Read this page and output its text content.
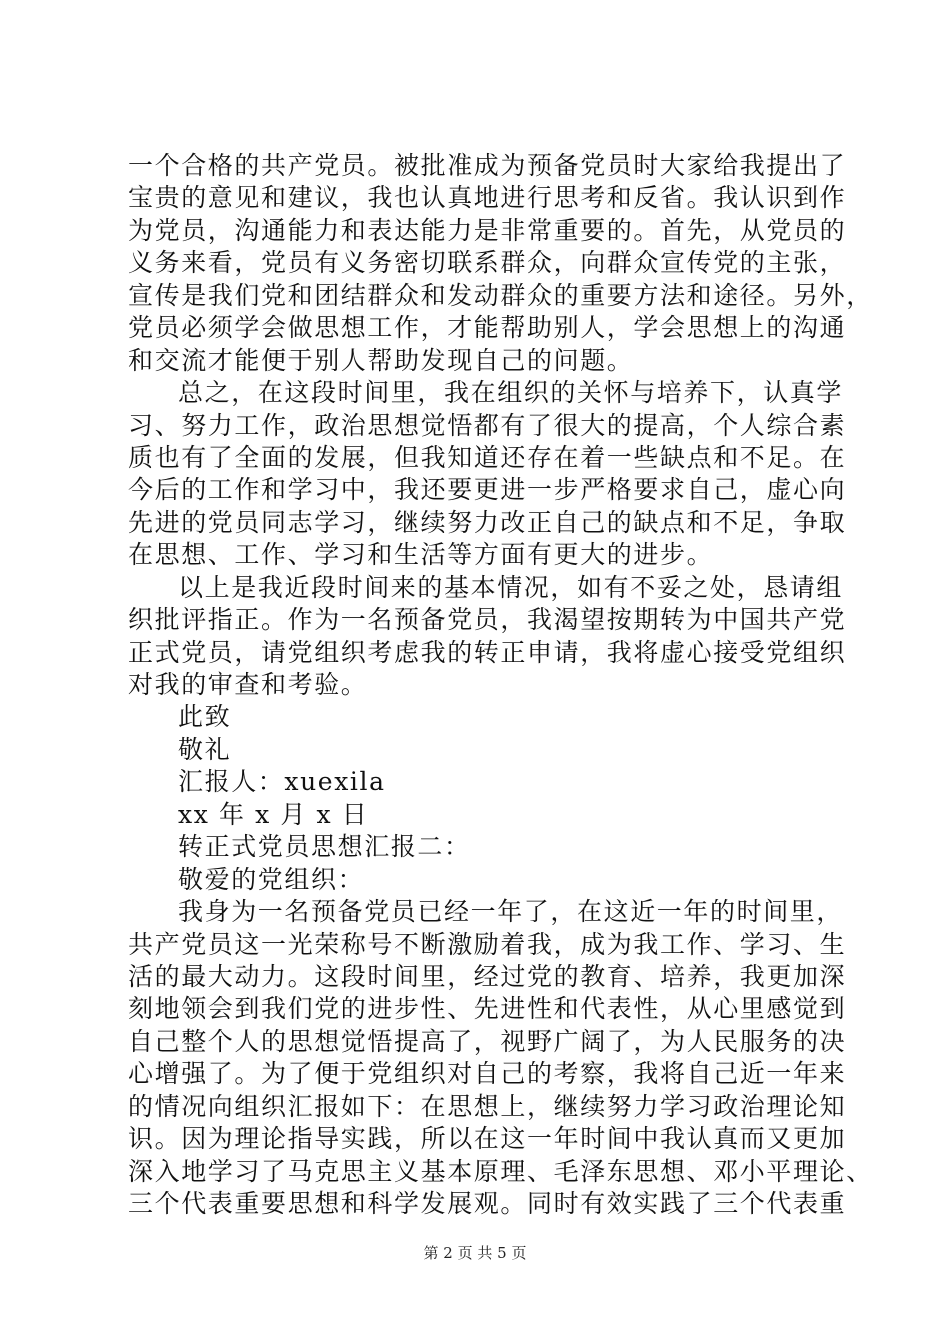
一个合格的共产党员。被批准成为预备党员时大家给我提出了
宝贵的意见和建议，我也认真地进行思考和反省。我认识到作
为党员，沟通能力和表达能力是非常重要的。首先，从党员的
义务来看，党员有义务密切联系群众，向群众宣传党的主张，
宣传是我们党和团结群众和发动群众的重要方法和途径。另外，
党员必须学会做思想工作，才能帮助别人，学会思想上的沟通
和交流才能便于别人帮助发现自己的问题。
总之，在这段时间里，我在组织的关怀与培养下，认真学
习、努力工作，政治思想觉悟都有了很大的提高，个人综合素
质也有了全面的发展，但我知道还存在着一些缺点和不足。在
今后的工作和学习中，我还要更进一步严格要求自己，虚心向
先进的党员同志学习，继续努力改正自己的缺点和不足，争取
在思想、工作、学习和生活等方面有更大的进步。
以上是我近段时间来的基本情况，如有不妥之处，恳请组
织批评指正。作为一名预备党员，我渴望按期转为中国共产党
正式党员，请党组织考虑我的转正申请，我将虚心接受党组织
对我的审查和考验。
此致
敬礼
汇报人：xuexila
xx 年 x 月 x 日
转正式党员思想汇报二：
敬爱的党组织：
我身为一名预备党员已经一年了，在这近一年的时间里，
共产党员这一光荣称号不断激励着我，成为我工作、学习、生
活的最大动力。这段时间里，经过党的教育、培养，我更加深
刻地领会到我们党的进步性、先进性和代表性，从心里感觉到
自己整个人的思想觉悟提高了，视野广阔了，为人民服务的决
心增强了。为了便于党组织对自己的考察，我将自己近一年来
的情况向组织汇报如下：在思想上，继续努力学习政治理论知
识。因为理论指导实践，所以在这一年时间中我认真而又更加
深入地学习了马克思主义基本原理、毛泽东思想、邓小平理论、
三个代表重要思想和科学发展观。同时有效实践了三个代表重
第 2 页 共 5 页
